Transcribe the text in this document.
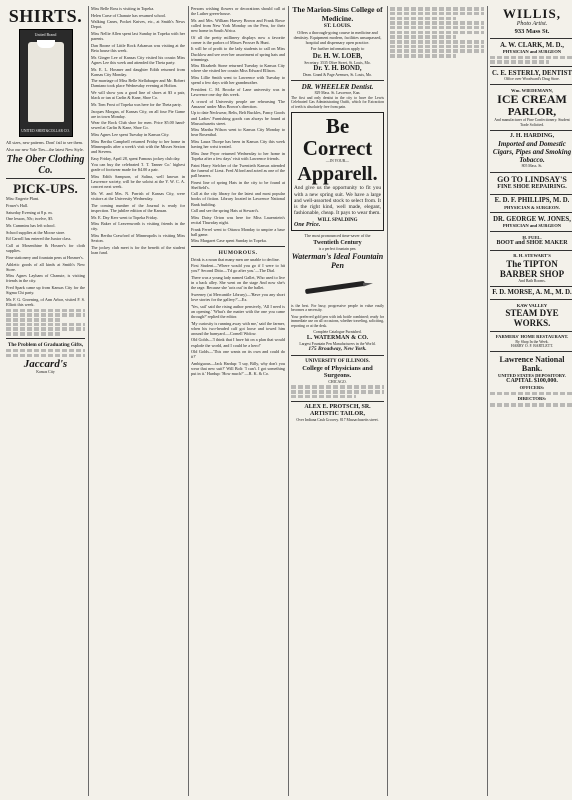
SHIRTS.
United Brand
UNITED SHIRT&COLLAR CO.

All sizes, new patterns. Dont' fail to see them.

Also our new Yale Ties—the latest New Style.

The Ober Clothing Co.
PICK-UPS.

Misc Engerie Plant.

Fraser's Hall.

Saturday Evening at 8 p. m.

One lesson, 50c; twelve, $5.

Mr. Cummins has left school.

School supplies at the Moose store.

Ed Carroll has entered the Junior class.

Call at Mosenthine & Hosner's for cloth supplies.

Fine stationery and fountain pens at Hosmer's.

Athletic goods of all kinds at Smith's New Store.

Miss Agnes Layham of Chanute, is visiting friends in the city.

Fred Spark came up from Kansas City for the Sigma Chi party.

Mr. F. G. Groening, of Ann Arbor, visited F. S. Elliott this week.

The Problem of Graduating Gifts,
Jaccard's
Kansas City

Miss Belle Ross is visiting in Topeka.

Helen Carse of Chanute has resumed school.

Walking Canes, Pocket Knives, etc., at Smith's News Depot.

Miss Nellie Allen spent last Sunday in Topeka with her parents.

Dan Boone of Little Rock Arkansas was visiting at the Beta house this week.

Mr. Ginger Lee of Kansas City visited his cousin Miss Agnes Lee this week and attended the Theta party.

Mr. E. L. Hosmer and daughter Edith returned from Kansas City Monday.

The marriage of Miss Belle Stellabarger and Mr. Robert Damiano took place Wednesday evening at Holton.

We will show you a good line of shoes at $3 a pair, black or tan at Carlin & Kane, Shoe Co.

Mr. Tom Frost of Topeka was here for the Theta party.

Jacques Morgan, of Kansas City, on all four Pie Game are in town Monday.

Wear the Rock Club shoe for men. Price $5.00 hand-sewed at Carlin & Kane, Shoe Co.

Miss Agnes Lee spent Tuesday in Kansas City.

Miss Bertha Campbell returned Friday to her home in Minneapolis after a week's visit with the Misses Sexton and Stevens.

Easy Friday, April 28, spent Famous jockey club day.

You can buy the celebrated 'J. T. Tanner Co.' highest grade of footwear made for $4.00 a pair.

Miss Edith Sampson, of Salina, well known in Lawrence society, will be the soloist at the Y. W. C. A. concert next week.

Mr. W. and Mrs. N. Parrish of Kansas City, were visitors at the University Wednesday.

The coming number of the Journal is ready for inspection. The jubilee edition of the Kansan.

Mr. E. Day Kerr went to Topeka Friday.

Miss Baker of Leavenworth is visiting friends in the city.

Miss Bertha Crawford of Minneapolis is visiting Miss Sexton.

The jockey club meet is for the benefit of the student loan fund.

Persons wishing flowers or decorations should call at the Luther green-house.

Mr. and Mrs. William Harvey Brown and Frank Rowe called from New York Monday on the Peru, for their new home in South Africa.

Of all the pretty millinery displays now a favorite corner is the parlors of Misses Prosser & Hunt.

It will be of profit to the lady students to call on Miss Ducklow and see over her assortment of spring hats and trimmings.

Miss Elizabeth Stone returned Tuesday to Kansas City where she visited her cousin Miss Edward Ellison.

Miss Lillie Smith went to Lawrence with Tuesday to spend a few days with her grandmother.

President C. M. Brooke of Lane university was in Lawrence one day this week.

A crowd of University people are rehearsing 'The Amazon' under Miss Brown's direction.

Up to date Neckwear, Belts, Belt Buckles, Fancy Goods and Ladies' Furnishing goods can always be found at Massachusetts street.

Miss Martha Wilson went to Kansas City Monday to hear Rosenthal.

Miss Laura Thorpe has been in Kansas City this week having her wrist treated.

Miss Jane Pryor returned Wednesday to her home in Topeka after a few days' visit with Lawrence friends.

Paint Harry Stelcher of the Twentieth Kansas attended the funeral of Lieut. Fred Alford and acted as one of the pall bearers.

Finest line of spring Hats in the city to be found at Sheffield's.

Call at the city library for the latest and most popular books of fiction. Library located in Lawrence National Bank building.

Call and see the spring Hats at Stewart's.

Miss Daisy Orton was here for Miss Lauenstein's recital Thursday night.

Frank Ferrel went to Ottawa Monday to umpire a base ball game.

Miss Margaret Case spent Sunday in Topeka.

HUMOROUS.

Drink is a noun that many men are unable to decline.

First Student—'Where would you go if I were to hit you?' Second Ditto—'I'd go after you.'—The Dial.

There was a young lady named Gallet, Who used to live in a back alley. She went on the stage And now she's the rage. Because she 'acts out' in the ballet.

Sweeney (at Mercantile Library)—'Have you any short love stories for the gallery?'—Ex.

'Yes, sail' said the rising author pensively, 'All I need is an opening.' 'What's the matter with the one you came through?' replied the editor.

'My curiosity is running away with me,' said the farmer, when his two-headed calf got loose and towed him around the barnyard.—Cornell Widow.

Old Golds—'I think that I have hit on a plan that would explode the world, and I could be a hero!'

Old Golds—'This one wants on its own and could do it?'

Ambiguous—Jack Hardup: 'I say, Billy, why don't you wear that new suit?' Will Bolt: 'I can't. I got something put in it.' Hardup: 'How much?' —R. K. & Co.

The Marion-Sims College of Medicine.
ST. LOUIS.

Offers a thorough-going course in medicine and dentistry. Equipment modern, facilities unsurpassed, hospital and dispensary open practice.

For further information apply to

Dr. H. W. LOEB,
Secretary. 3535 Olive Street, St. Louis, Mo.
Dr. Y. H. BOND,
Dean. Grand & Page Avenues, St. Louis, Mo.
DR. WHEELER Dentist.
829 Mass. St. Lawrence, Kan.

The first and only dentist in the city to have the Lewis Celebrated Gas Administrating Outfit, which for Extraction of teeth is absolutely free from pain.

Be Correct
—IN YOUR—
Apparell.

And give us the opportunity to fit you with a new spring suit. We have a large and well-assorted stock to select from. It is the right kind, well made, elegant, fashionable, cheap. It pays to wear them.

WILL SPALDING
One Price.

The most pronounced time-saver of the

Twentieth Century
is a perfect fountain pen.
Waterman's Ideal Fountain Pen

is the best. For busy, progressive people in value easily becomes a necessity.

Your preferred gold pen with ink bottle combined; ready for immediate use on all occasions, whether traveling, soliciting, reporting or at the desk.

Complete Catalogue Furnished.
L. WATERMAN & CO.
Largest Fountain Pen Manufacturers in the World.
175 Broadway, New York.
UNIVERSITY OF ILLINOIS.
College of Physicians and Surgeons.
CHICAGO.
ALEX E. PROTSCH, SR. ARTISTIC TAILOR,
Over Indiana Cash Grocery. 817 Massachusetts street.
WILLIS,
Photo Artist.
933 Mass St.
A. W. CLARK, M. D.,
PHYSICIAN and SURGEON
C. E. ESTERLY, DENTIST
Office over Woodward's Drug Store.
Wm. WIEDEMANN,
ICE CREAM
PARLOR,

And manufacturer of Fine Confectionery. Student Trade Solicited.

J. H. HARDING,
Imported and Domestic Cigars, Pipes and Smoking Tobacco.
805 Mass. St.
GO TO LINDSAY'S
FINE SHOE REPAIRING.
E. D. F. PHILLIPS, M. D.
PHYSICIAN & SURGEON.
DR. GEORGE W. JONES,
PHYSICIAN and SURGEON
H. FUEL.
BOOT and SHOE MAKER
R. H. STEWART'S
The TIPTON BARBER SHOP
And Bath Rooms.
F. D. MORSE, A. M., M. D.
KAW VALLEY
STEAM DYE WORKS.
FARMERS' HOME RESTAURANT.
By Shop In the Week.
HARRY O. F. BARTLETT.
Lawrence National Bank.
UNITED STATES DEPOSITORY.
CAPITAL $100,000.
OFFICERS:
DIRECTORS:
